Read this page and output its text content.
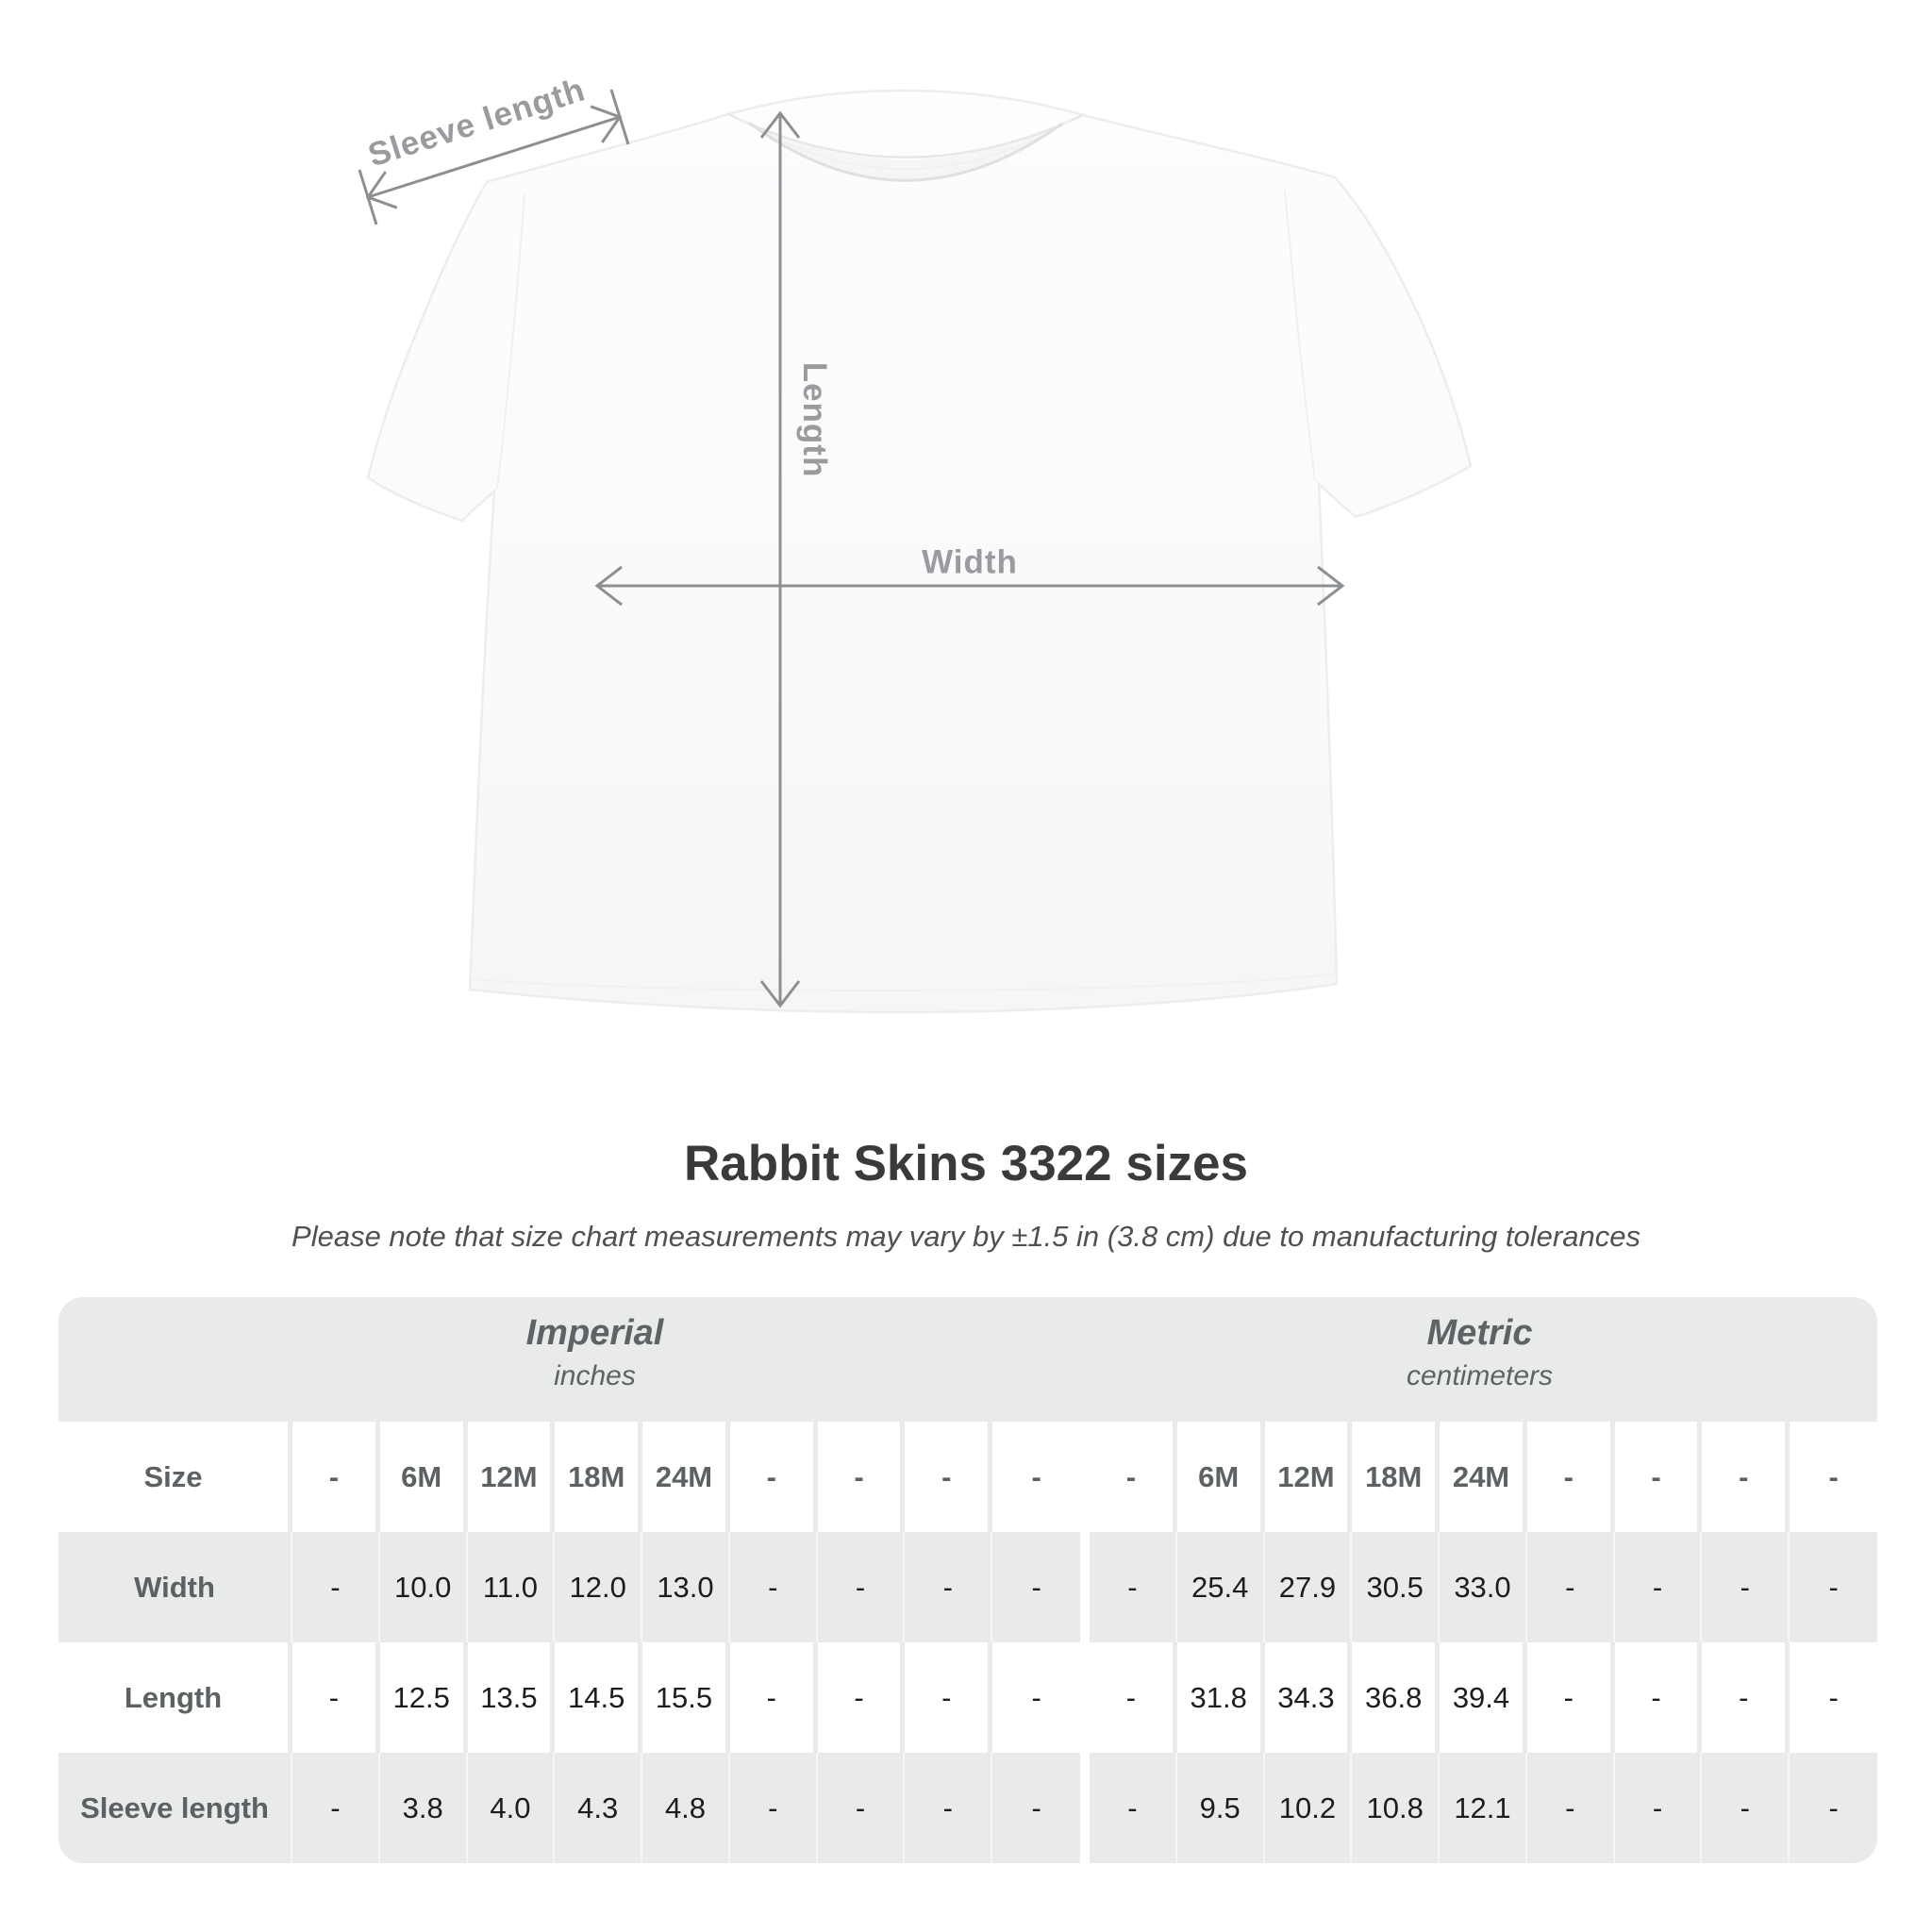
Sleeve length
Length
Width
Rabbit Skins 3322 sizes
Please note that size chart measurements may vary by ±1.5 in (3.8 cm) due to manufacturing tolerances
Imperial
inches
Metric
centimeters
Size	-	6M	12M	18M	24M	-	-	-	-	-	6M	12M	18M	24M	-	-	-	-
Width	-	10.0	11.0	12.0	13.0	-	-	-	-	-	25.4	27.9	30.5	33.0	-	-	-	-
Length	-	12.5	13.5	14.5	15.5	-	-	-	-	-	31.8	34.3	36.8	39.4	-	-	-	-
Sleeve length	-	3.8	4.0	4.3	4.8	-	-	-	-	-	9.5	10.2	10.8	12.1	-	-	-	-
